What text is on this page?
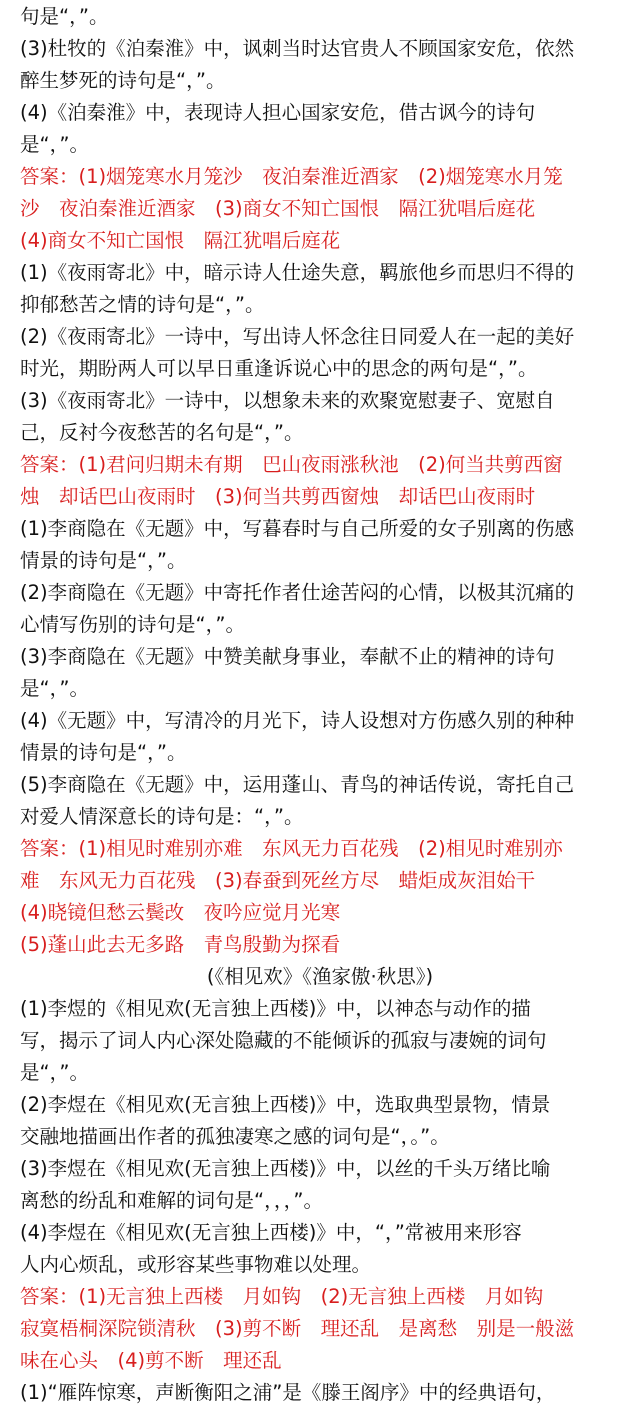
句是“，”。
(3)杜牧的《泊秦淮》中，讽刺当时达官贵人不顾国家安危，依然
醉生梦死的诗句是“，”。
(4)《泊秦淮》中，表现诗人担心国家安危，借古讽今的诗句
是“，”。
答案：(1)烟笼寒水月笼沙　夜泊秦淮近酒家　(2)烟笼寒水月笼
沙　夜泊秦淮近酒家　(3)商女不知亡国恨　隔江犹唱后庭花
(4)商女不知亡国恨　隔江犹唱后庭花
(1)《夜雨寄北》中，暗示诗人仕途失意，羁旅他乡而思归不得的
抑郁愁苦之情的诗句是“，”。
(2)《夜雨寄北》一诗中，写出诗人怀念往日同爱人在一起的美好
时光，期盼两人可以早日重逢诉说心中的思念的两句是“，”。
(3)《夜雨寄北》一诗中，以想象未来的欢聚宽慰妻子、宽慰自
己，反衬今夜愁苦的名句是“，”。
答案：(1)君问归期未有期　巴山夜雨涨秋池　(2)何当共剪西窗
烛　却话巴山夜雨时　(3)何当共剪西窗烛　却话巴山夜雨时
(1)李商隐在《无题》中，写暮春时与自己所爱的女子别离的伤感
情景的诗句是“，”。
(2)李商隐在《无题》中寄托作者仕途苦闷的心情，以极其沉痛的
心情写伤别的诗句是“，”。
(3)李商隐在《无题》中赞美献身事业，奉献不止的精神的诗句
是“，”。
(4)《无题》中，写清冷的月光下，诗人设想对方伤感久别的种种
情景的诗句是“，”。
(5)李商隐在《无题》中，运用蓬山、青鸟的神话传说，寄托自己
对爱人情深意长的诗句是：“，”。
答案：(1)相见时难别亦难　东风无力百花残　(2)相见时难别亦
难　东风无力百花残　(3)春蚕到死丝方尽　蜡炬成灰泪始干
(4)晓镜但愁云鬓改　夜吟应觉月光寒
(5)蓬山此去无多路　青鸟殷勤为探看
(《相见欢》《渔家傲·秋思》)
(1)李煜的《相见欢(无言独上西楼)》中，以神态与动作的描
写，揭示了词人内心深处隐藏的不能倾诉的孤寂与凄婉的词句
是“，”。
(2)李煜在《相见欢(无言独上西楼)》中，选取典型景物，情景
交融地描画出作者的孤独凄寒之感的词句是“，。”。
(3)李煜在《相见欢(无言独上西楼)》中，以丝的千头万绪比喻
离愁的纷乱和难解的词句是“，，，”。
(4)李煜在《相见欢(无言独上西楼)》中，“，”常被用来形容
人内心烦乱，或形容某些事物难以处理。
答案：(1)无言独上西楼　月如钩　(2)无言独上西楼　月如钩
寂寞梧桐深院锁清秋　(3)剪不断　理还乱　是离愁　别是一般滋
味在心头　(4)剪不断　理还乱
(1)“雁阵惊寒，声断衡阳之浦”是《滕王阁序》中的经典语句，
